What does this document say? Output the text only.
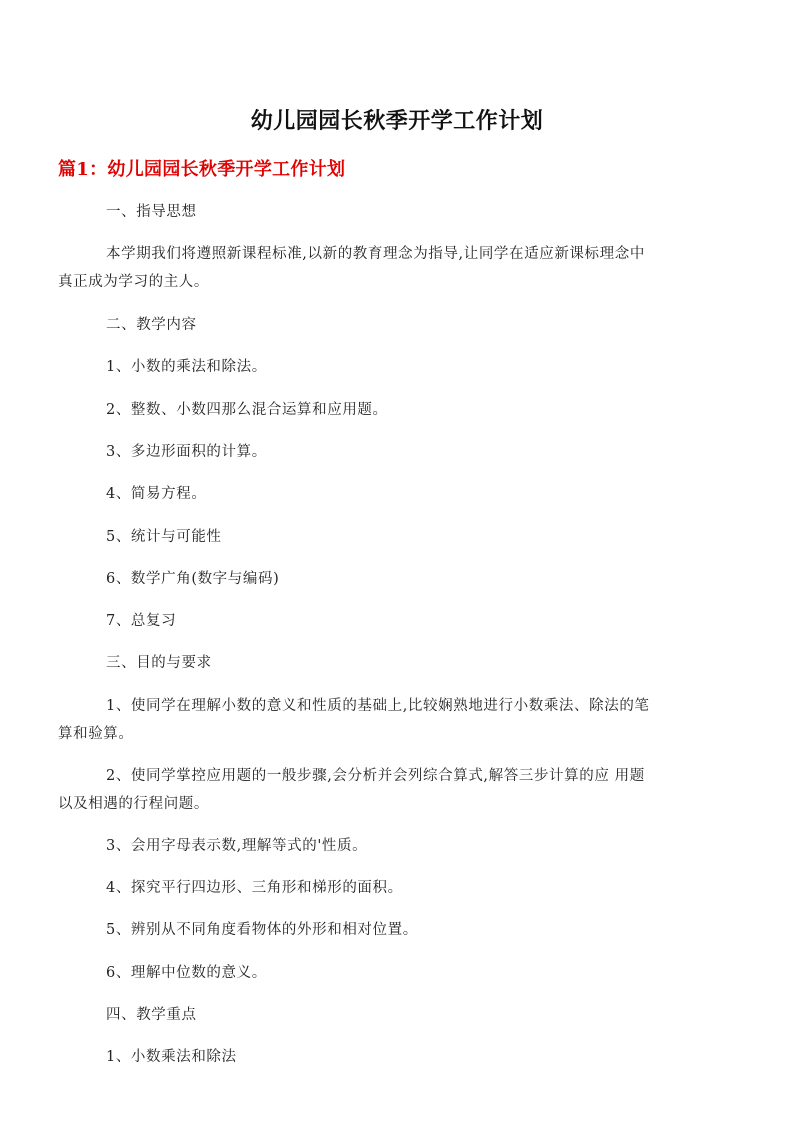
幼儿园园长秋季开学工作计划
篇1：幼儿园园长秋季开学工作计划
一、指导思想
本学期我们将遵照新课程标准,以新的教育理念为指导,让同学在适应新课标理念中真正成为学习的主人。
二、教学内容
1、小数的乘法和除法。
2、整数、小数四那么混合运算和应用题。
3、多边形面积的计算。
4、简易方程。
5、统计与可能性
6、数学广角(数字与编码)
7、总复习
三、目的与要求
1、使同学在理解小数的意义和性质的基础上,比较娴熟地进行小数乘法、除法的笔算和验算。
2、使同学掌控应用题的一般步骤,会分析并会列综合算式,解答三步计算的应 用题以及相遇的行程问题。
3、会用字母表示数,理解等式的'性质。
4、探究平行四边形、三角形和梯形的面积。
5、辨别从不同角度看物体的外形和相对位置。
6、理解中位数的意义。
四、教学重点
1、小数乘法和除法
